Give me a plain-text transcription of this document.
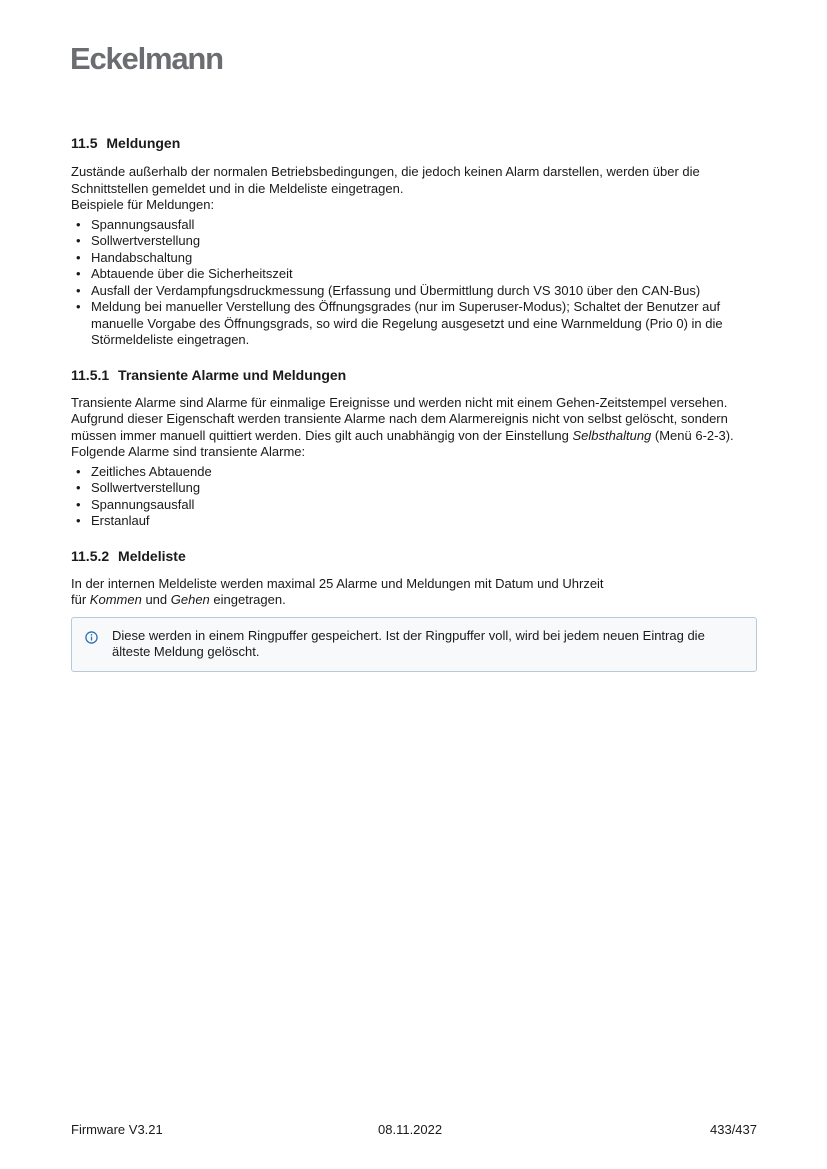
Eckelmann
11.5 Meldungen

Zustände außerhalb der normalen Betriebsbedingungen, die jedoch keinen Alarm darstellen, werden über die Schnittstellen gemeldet und in die Meldeliste eingetragen.

Beispiele für Meldungen:

• Spannungsausfall
• Sollwertverstellung
• Handabschaltung
• Abtauende über die Sicherheitszeit
• Ausfall der Verdampfungsdruckmessung (Erfassung und Übermittlung durch VS 3010 über den CAN-Bus)
• Meldung bei manueller Verstellung des Öffnungsgrades (nur im Superuser-Modus); Schaltet der Benutzer auf manuelle Vorgabe des Öffnungsgrads, so wird die Regelung ausgesetzt und eine Warnmeldung (Prio 0) in die Störmeldeliste eingetragen.
11.5.1 Transiente Alarme und Meldungen

Transiente Alarme sind Alarme für einmalige Ereignisse und werden nicht mit einem Gehen-Zeitstempel versehen. Aufgrund dieser Eigenschaft werden transiente Alarme nach dem Alarmereignis nicht von selbst gelöscht, sondern müssen immer manuell quittiert werden. Dies gilt auch unabhängig von der Einstellung Selbsthaltung (Menü 6-2-3).

Folgende Alarme sind transiente Alarme:

• Zeitliches Abtauende
• Sollwertverstellung
• Spannungsausfall
• Erstanlauf
11.5.2 Meldeliste

In der internen Meldeliste werden maximal 25 Alarme und Meldungen mit Datum und Uhrzeit

für Kommen und Gehen eingetragen.

Diese werden in einem Ringpuffer gespeichert. Ist der Ringpuffer voll, wird bei jedem neuen Eintrag die älteste Meldung gelöscht.

Firmware V3.21	08.11.2022	433/437
